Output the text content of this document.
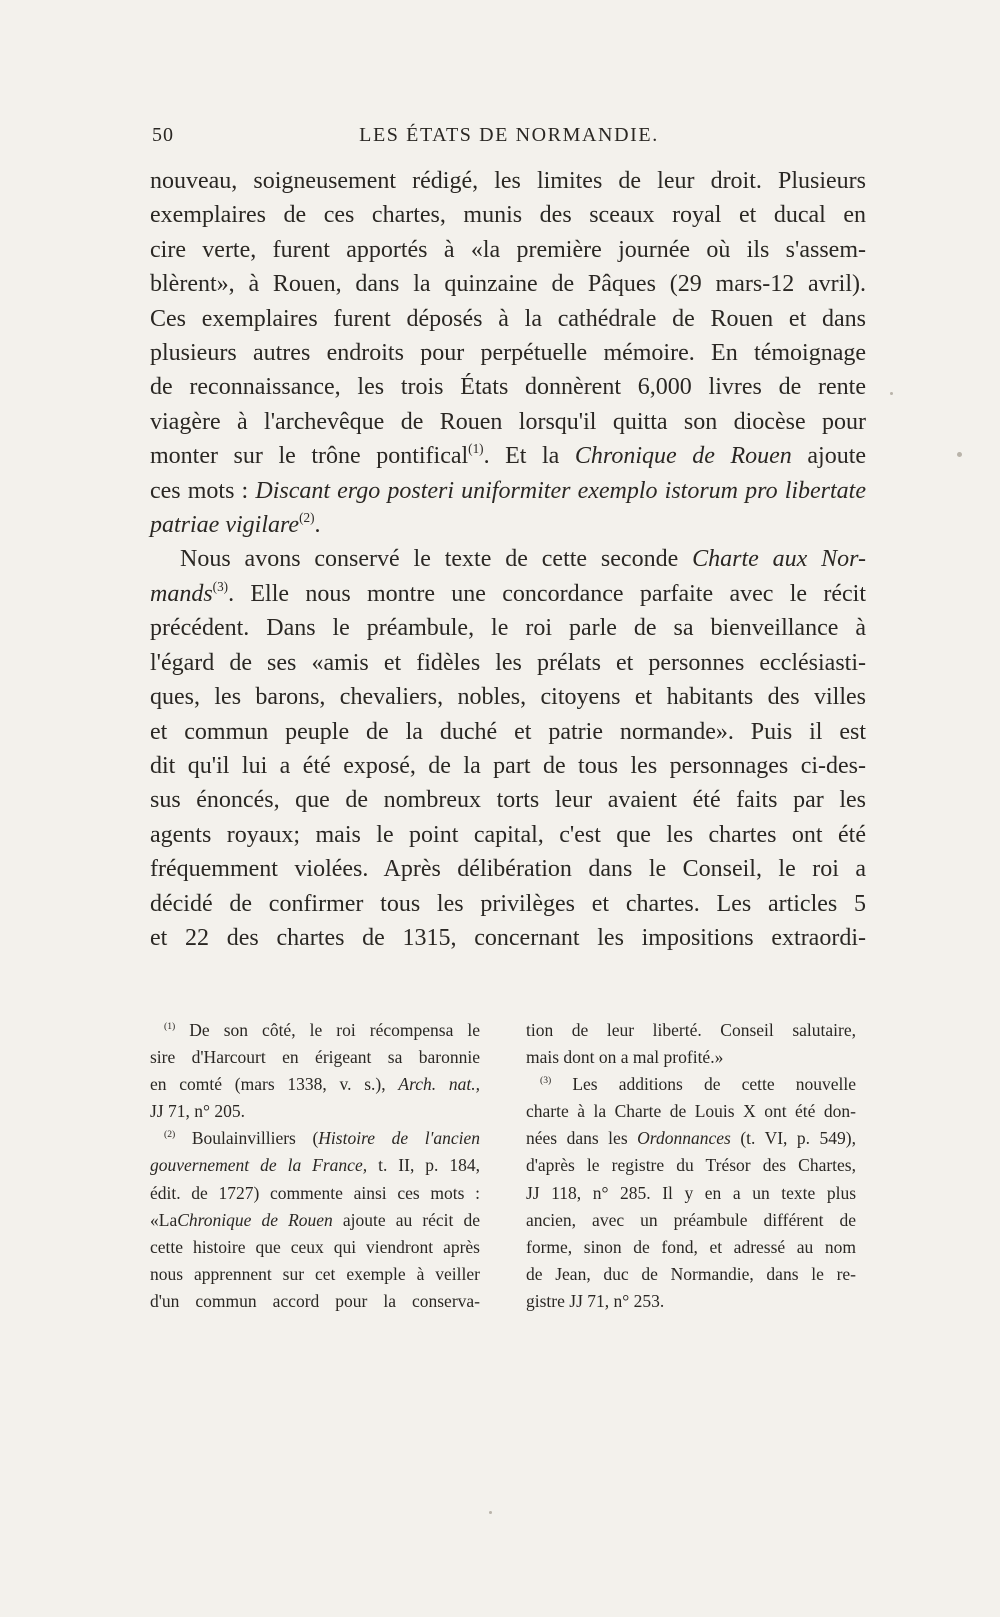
50	LES ÉTATS DE NORMANDIE.
nouveau, soigneusement rédigé, les limites de leur droit. Plusieurs
exemplaires de ces chartes, munis des sceaux royal et ducal en
cire verte, furent apportés à «la première journée où ils s'assem-
blèrent», à Rouen, dans la quinzaine de Pâques (29 mars-12 avril).
Ces exemplaires furent déposés à la cathédrale de Rouen et dans
plusieurs autres endroits pour perpétuelle mémoire. En témoignage
de reconnaissance, les trois États donnèrent 6,000 livres de rente
viagère à l'archevêque de Rouen lorsqu'il quitta son diocèse pour
monter sur le trône pontifical$^{(1)}$. Et la Chronique de Rouen ajoute
ces mots : Discant ergo posteri uniformiter exemplo istorum pro libertate
patriae vigilare$^{(2)}$.
Nous avons conservé le texte de cette seconde Charte aux Nor-
mands$^{(3)}$. Elle nous montre une concordance parfaite avec le récit
précédent. Dans le préambule, le roi parle de sa bienveillance à
l'égard de ses «amis et fidèles les prélats et personnes ecclésiasti-
ques, les barons, chevaliers, nobles, citoyens et habitants des villes
et commun peuple de la duché et patrie normande». Puis il est
dit qu'il lui a été exposé, de la part de tous les personnages ci-des-
sus énoncés, que de nombreux torts leur avaient été faits par les
agents royaux; mais le point capital, c'est que les chartes ont été
fréquemment violées. Après délibération dans le Conseil, le roi a
décidé de confirmer tous les privilèges et chartes. Les articles 5
et 22 des chartes de 1315, concernant les impositions extraordi-
$^{(1)}$ De son côté, le roi récompensa le
sire d'Harcourt en érigeant sa baronnie
en comté (mars 1338, v. s.), Arch. nat.,
JJ 71, n° 205.
$^{(2)}$ Boulainvilliers (Histoire de l'ancien
gouvernement de la France, t. II, p. 184,
édit. de 1727) commente ainsi ces mots :
«LaChronique de Rouen ajoute au récit de
cette histoire que ceux qui viendront après
nous apprennent sur cet exemple à veiller
d'un commun accord pour la conserva-
tion de leur liberté. Conseil salutaire,
mais dont on a mal profité.»
$^{(3)}$ Les additions de cette nouvelle
charte à la Charte de Louis X ont été don-
nées dans les Ordonnances (t. VI, p. 549),
d'après le registre du Trésor des Chartes,
JJ 118, n° 285. Il y en a un texte plus
ancien, avec un préambule différent de
forme, sinon de fond, et adressé au nom
de Jean, duc de Normandie, dans le re-
gistre JJ 71, n° 253.
